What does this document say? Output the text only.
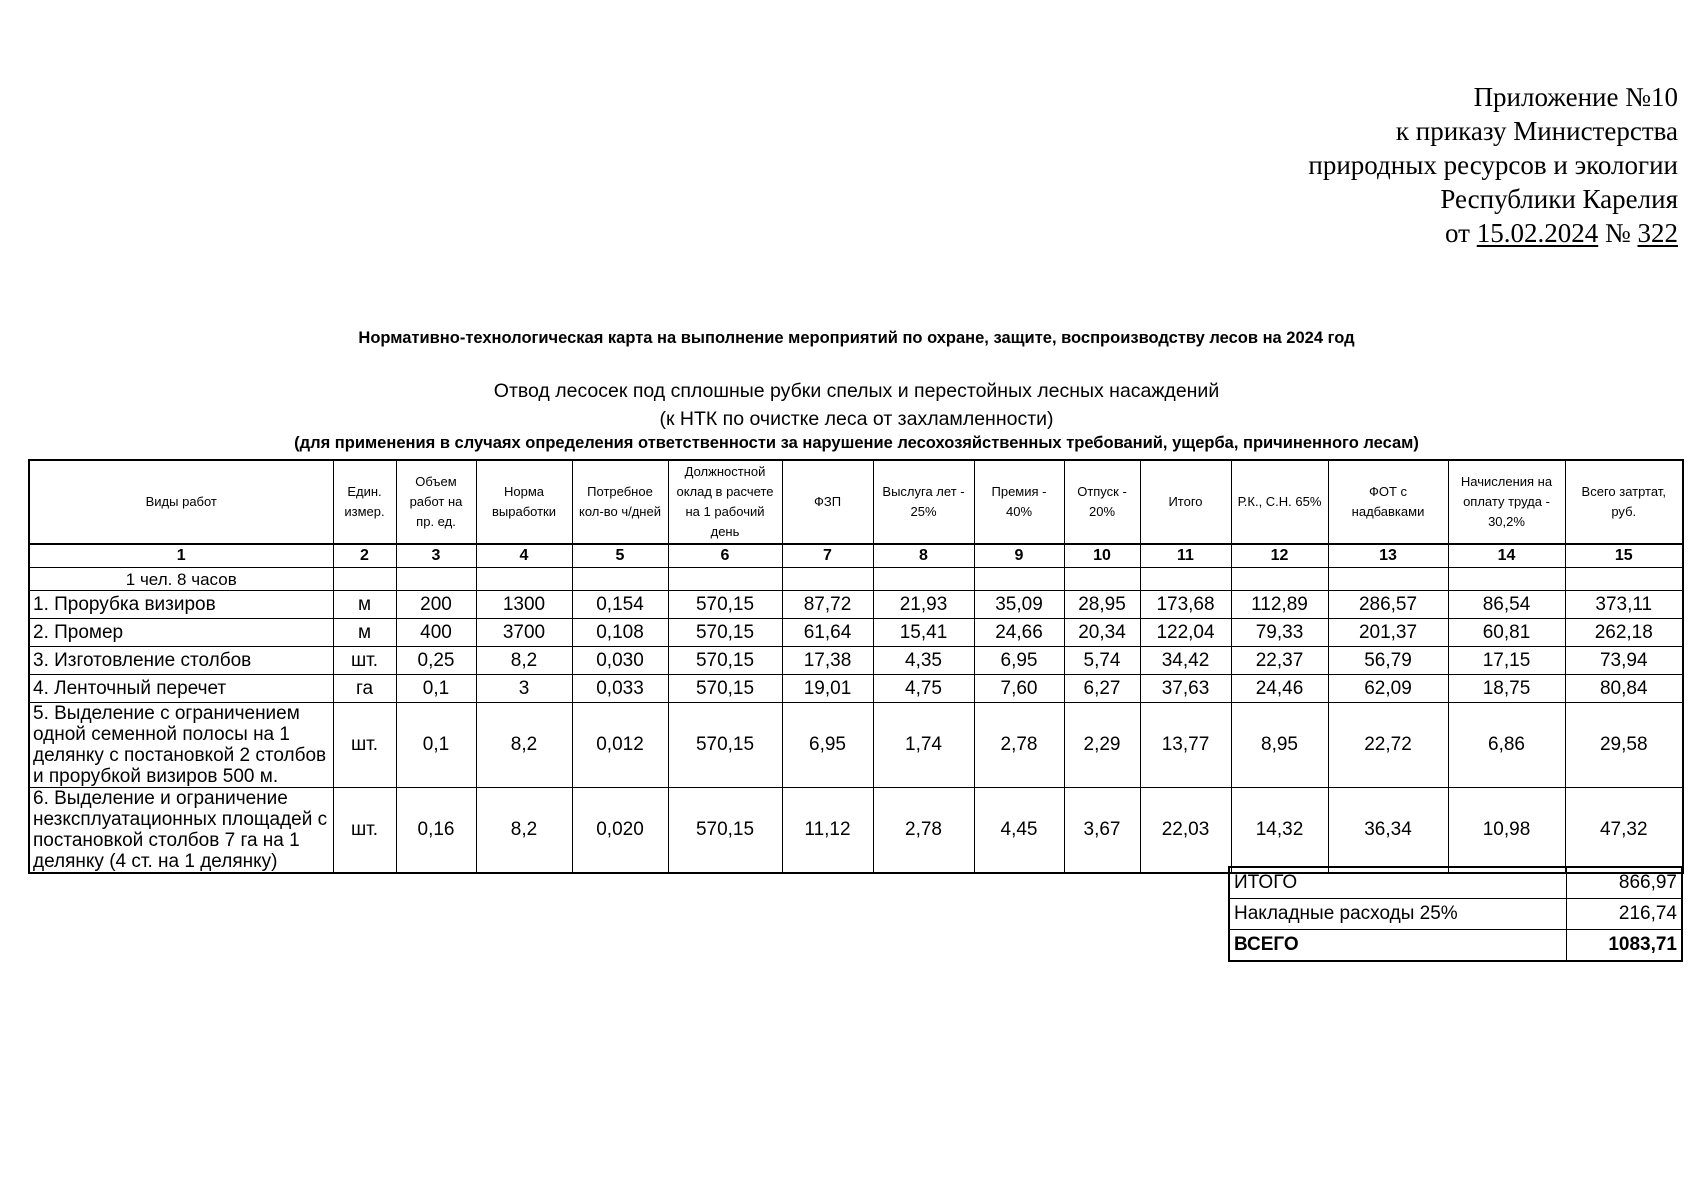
Приложение №10
к приказу Министерства
природных ресурсов и экологии
Республики Карелия
от 15.02.2024 № 322
Нормативно-технологическая карта на выполнение мероприятий по охране, защите, воспроизводству лесов на 2024 год
Отвод лесосек под сплошные рубки спелых и перестойных лесных насаждений
(к НТК по очистке леса от захламленности)
(для применения в случаях определения ответственности за нарушение лесохозяйственных требований, ущерба, причиненного лесам)
Виды работ	Един. измер.	Объем работ на пр. ед.	Норма выработки	Потребное кол-во ч/дней	Должностной оклад в расчете на 1 рабочий день	ФЗП	Выслуга лет - 25%	Премия - 40%	Отпуск - 20%	Итого	Р.К., С.Н. 65%	ФОТ с надбавками	Начисления на оплату труда - 30,2%	Всего затртат, руб.
1	2	3	4	5	6	7	8	9	10	11	12	13	14	15
1 чел. 8 часов														
1. Прорубка визиров	м	200	1300	0,154	570,15	87,72	21,93	35,09	28,95	173,68	112,89	286,57	86,54	373,11
2. Промер	м	400	3700	0,108	570,15	61,64	15,41	24,66	20,34	122,04	79,33	201,37	60,81	262,18
3. Изготовление столбов	шт.	0,25	8,2	0,030	570,15	17,38	4,35	6,95	5,74	34,42	22,37	56,79	17,15	73,94
4. Ленточный перечет	га	0,1	3	0,033	570,15	19,01	4,75	7,60	6,27	37,63	24,46	62,09	18,75	80,84
5. Выделение с ограничением одной семенной полосы на 1 делянку с постановкой 2 столбов и прорубкой визиров 500 м.	шт.	0,1	8,2	0,012	570,15	6,95	1,74	2,78	2,29	13,77	8,95	22,72	6,86	29,58
6. Выделение и ограничение незксплуатационных площадей с постановкой столбов 7 га на 1 делянку (4 ст. на 1 делянку)	шт.	0,16	8,2	0,020	570,15	11,12	2,78	4,45	3,67	22,03	14,32	36,34	10,98	47,32
ИТОГО	866,97
Накладные расходы 25%	216,74
ВСЕГО	1083,71
